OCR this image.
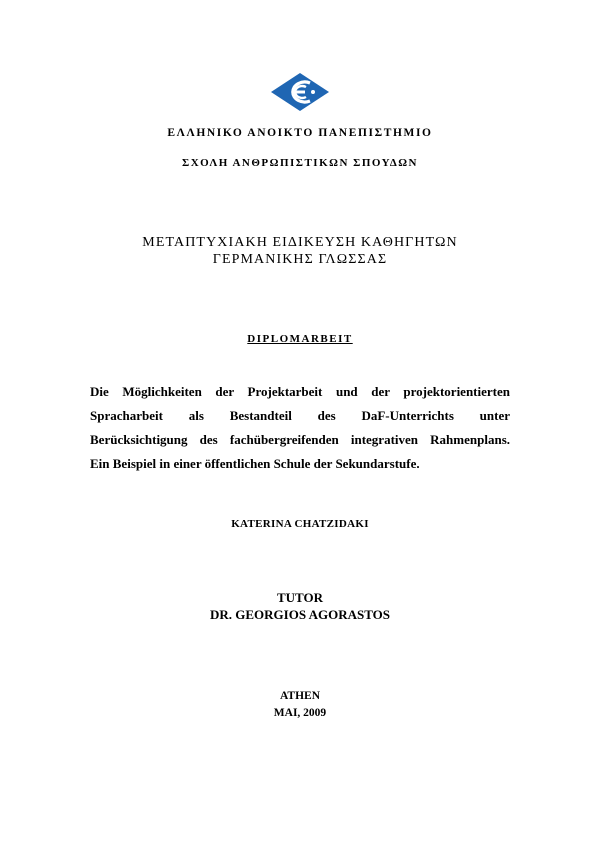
ΕΛΛΗΝΙΚΟ ΑΝΟΙΚΤΟ ΠΑΝΕΠΙΣΤΗΜΙΟ
ΣΧΟΛΗ ΑΝΘΡΩΠΙΣΤΙΚΩΝ ΣΠΟΥΔΩΝ
ΜΕΤΑΠΤΥΧΙΑΚΗ ΕΙΔΙΚΕΥΣΗ ΚΑΘΗΓΗΤΩΝ
ΓΕΡΜΑΝΙΚΗΣ ΓΛΩΣΣΑΣ
DIPLOMARBEIT
Die Möglichkeiten der Projektarbeit und der projektorientierten
Spracharbeit als Bestandteil des DaF-Unterrichts unter
Berücksichtigung des fachübergreifenden integrativen Rahmenplans.
Ein Beispiel in einer öffentlichen Schule der Sekundarstufe.
KATERINA CHATZIDAKI
TUTOR
DR. GEORGIOS AGORASTOS
ATHEN
MAI, 2009
